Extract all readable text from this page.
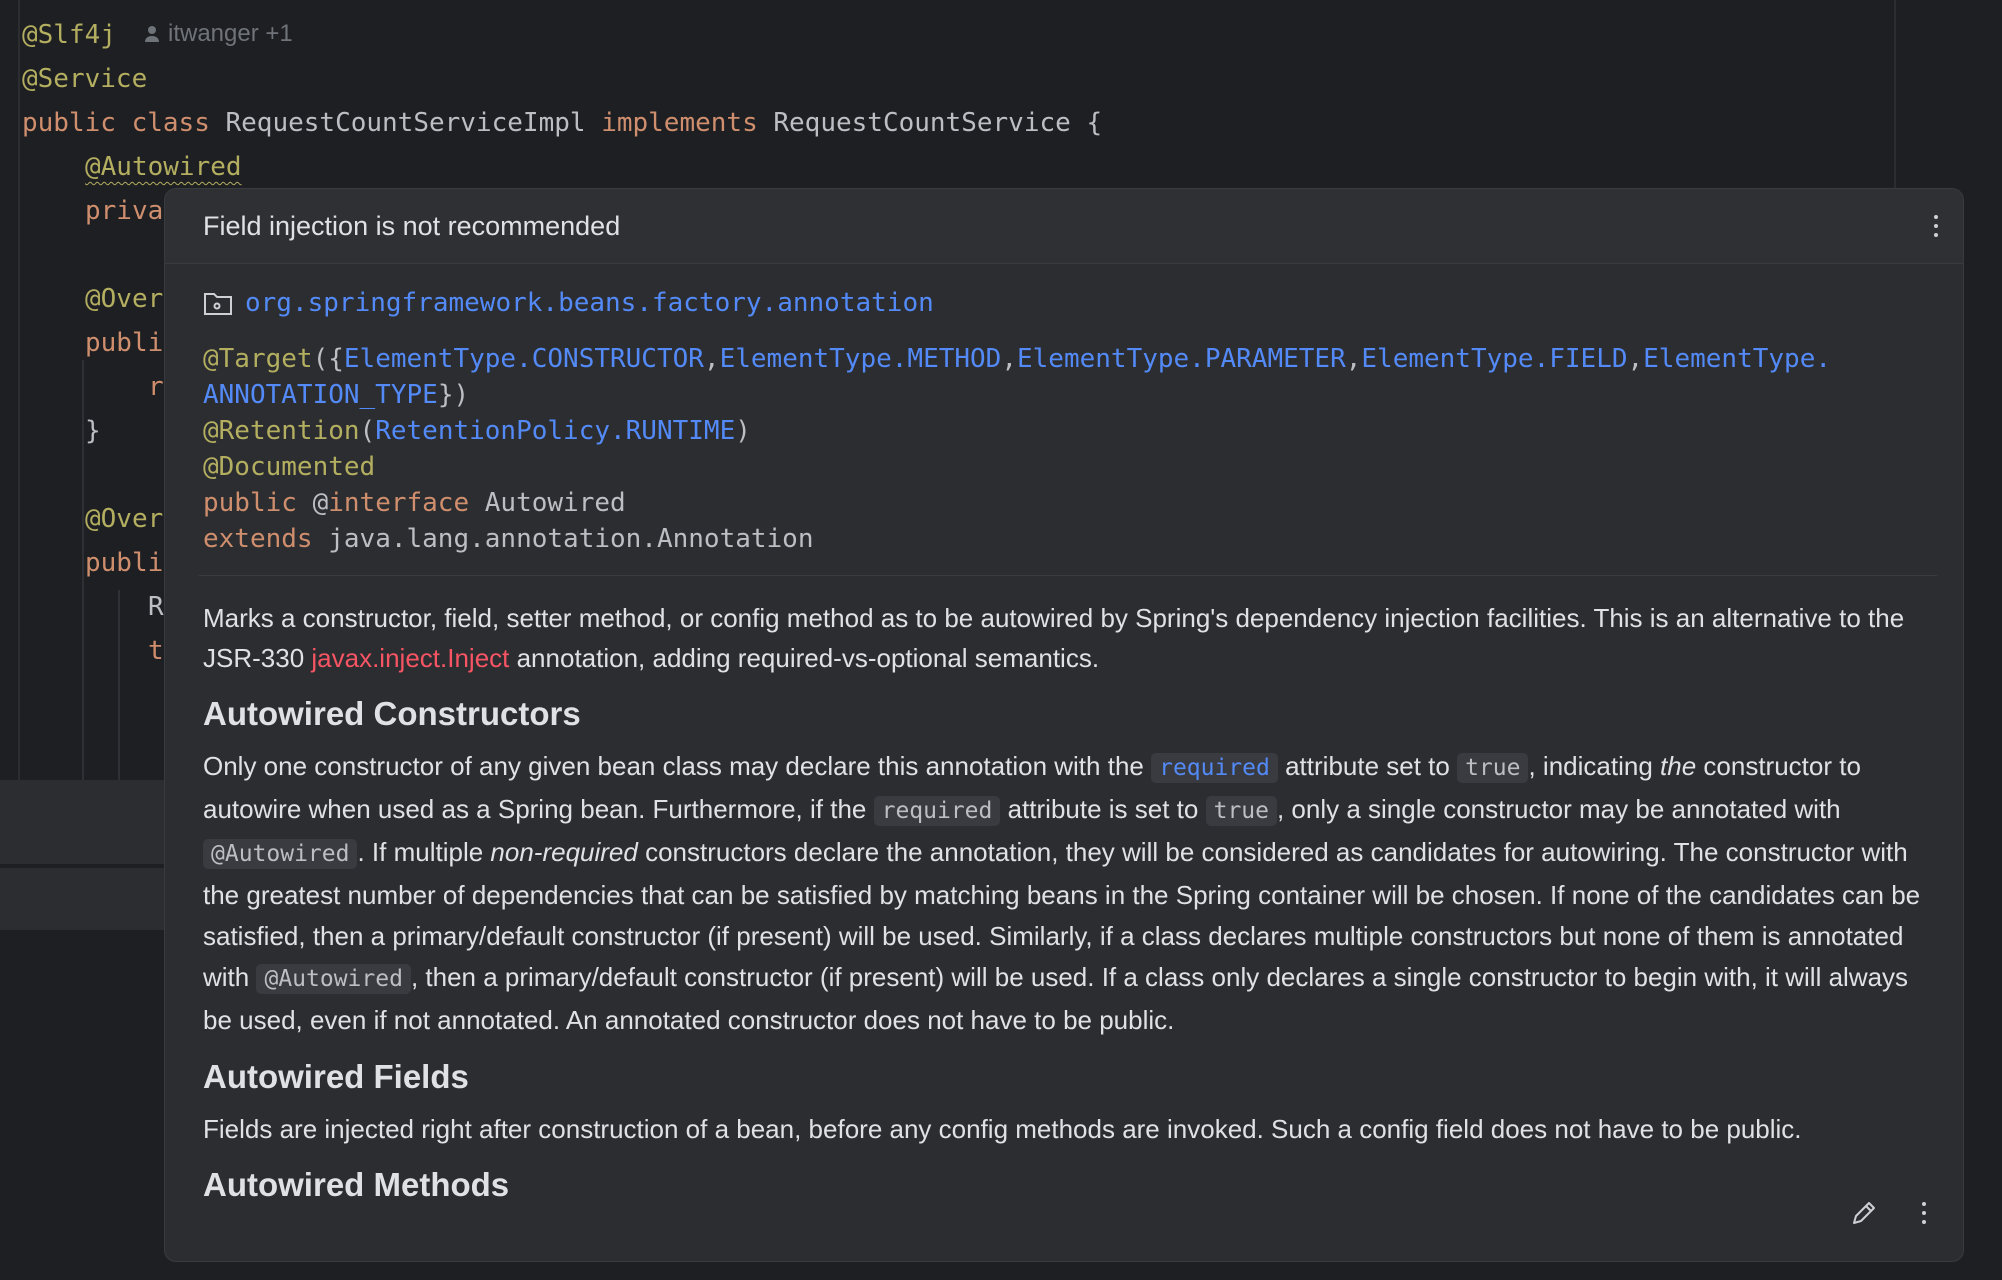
itwanger +1
@Slf4j
@Service
public class RequestCountServiceImpl implements RequestCountService {
@Autowired
priva
@Over
publi
r
}
@Over
publi
R
t
Field injection is not recommended
org.springframework.beans.factory.annotation
@Target({ElementType.CONSTRUCTOR,ElementType.METHOD,ElementType.PARAMETER,ElementType.FIELD,ElementType.
ANNOTATION_TYPE})
@Retention(RetentionPolicy.RUNTIME)
@Documented
public @interface Autowired
extends java.lang.annotation.Annotation

Marks a constructor, field, setter method, or config method as to be autowired by Spring's dependency injection facilities. This is an alternative to the JSR-330 javax.inject.Inject annotation, adding required-vs-optional semantics.

Autowired Constructors

Only one constructor of any given bean class may declare this annotation with the required attribute set to true , indicating the constructor to autowire when used as a Spring bean. Furthermore, if the required attribute is set to true , only a single constructor may be annotated with @Autowired . If multiple non-required constructors declare the annotation, they will be considered as candidates for autowiring. The constructor with the greatest number of dependencies that can be satisfied by matching beans in the Spring container will be chosen. If none of the candidates can be satisfied, then a primary/default constructor (if present) will be used. Similarly, if a class declares multiple constructors but none of them is annotated with @Autowired , then a primary/default constructor (if present) will be used. If a class only declares a single constructor to begin with, it will always be used, even if not annotated. An annotated constructor does not have to be public.

Autowired Fields

Fields are injected right after construction of a bean, before any config methods are invoked. Such a config field does not have to be public.

Autowired Methods
